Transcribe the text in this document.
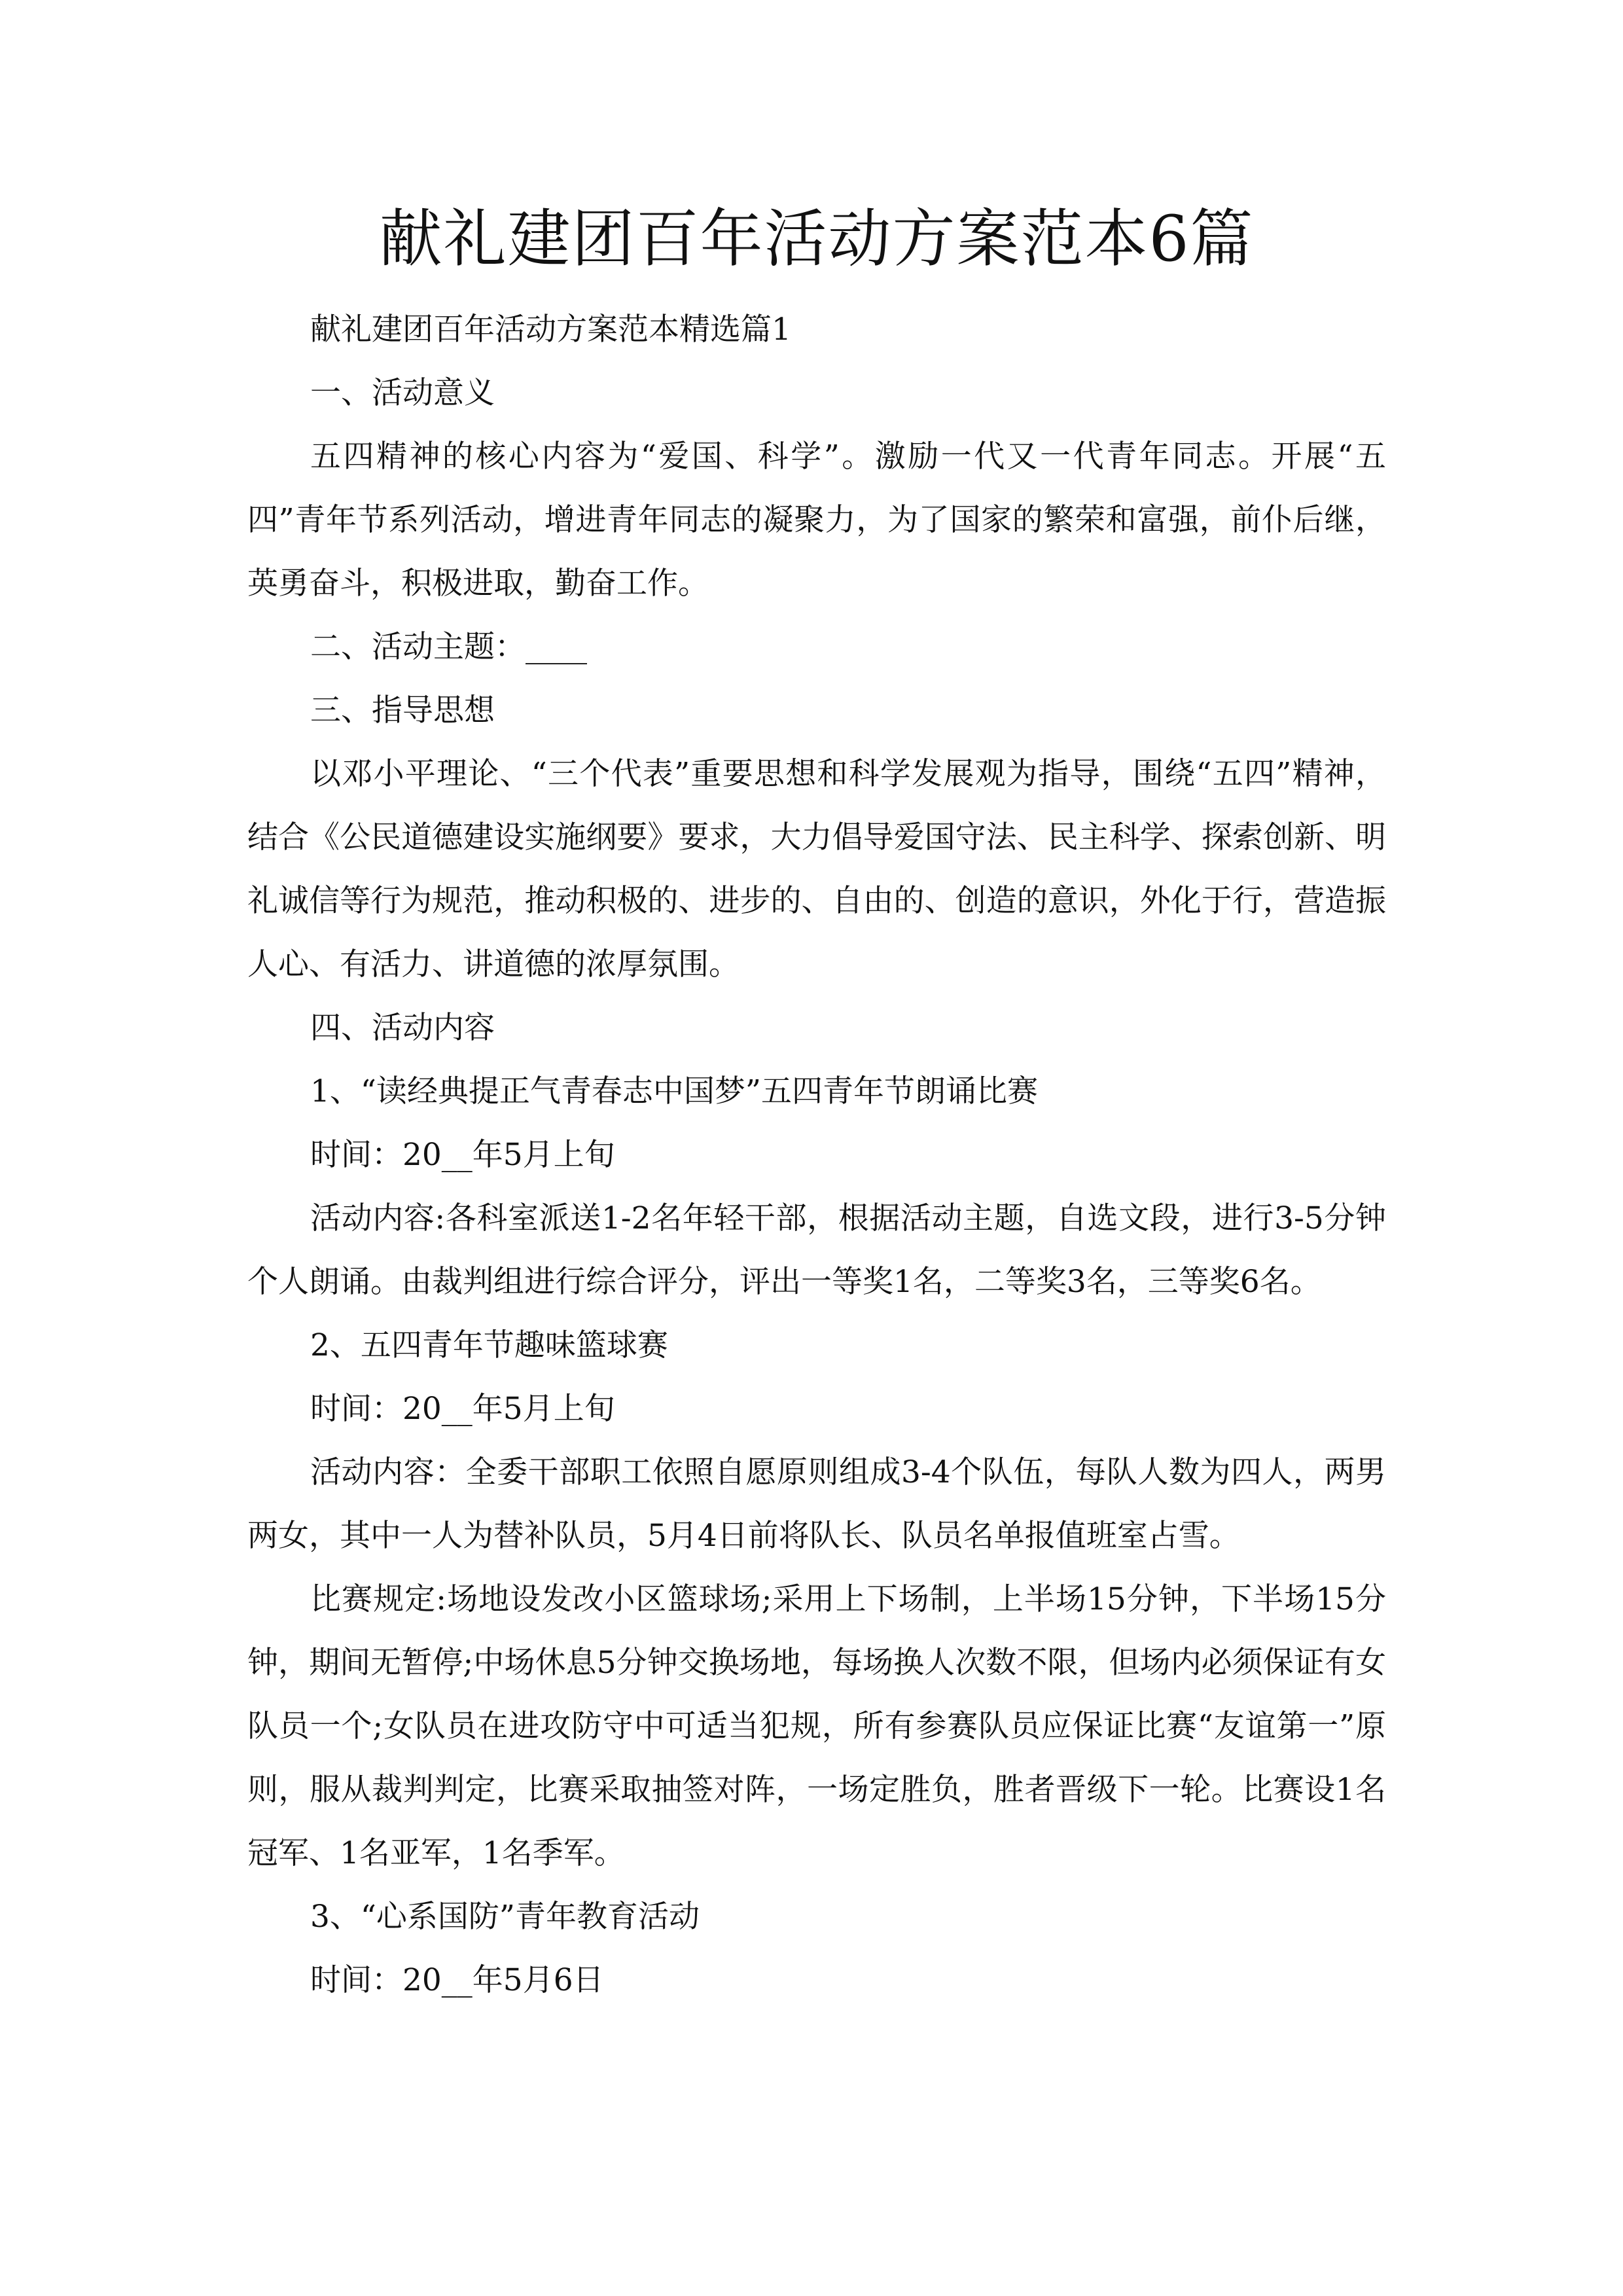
献礼建团百年活动方案范本6篇

献礼建团百年活动方案范本精选篇1

一、活动意义

五四精神的核心内容为“爱国、科学”。激励一代又一代青年同志。开展“五四”青年节系列活动，增进青年同志的凝聚力，为了国家的繁荣和富强，前仆后继，英勇奋斗，积极进取，勤奋工作。

二、活动主题：____

三、指导思想

以邓小平理论、“三个代表”重要思想和科学发展观为指导，围绕“五四”精神，结合《公民道德建设实施纲要》要求，大力倡导爱国守法、民主科学、探索创新、明礼诚信等行为规范，推动积极的、进步的、自由的、创造的意识，外化于行，营造振人心、有活力、讲道德的浓厚氛围。

四、活动内容

1、“读经典提正气青春志中国梦”五四青年节朗诵比赛

时间：20__年5月上旬

活动内容:各科室派送1-2名年轻干部，根据活动主题，自选文段，进行3-5分钟个人朗诵。由裁判组进行综合评分，评出一等奖1名，二等奖3名，三等奖6名。

2、五四青年节趣味篮球赛

时间：20__年5月上旬

活动内容：全委干部职工依照自愿原则组成3-4个队伍，每队人数为四人，两男两女，其中一人为替补队员，5月4日前将队长、队员名单报值班室占雪。

比赛规定:场地设发改小区篮球场;采用上下场制，上半场15分钟，下半场15分钟，期间无暂停;中场休息5分钟交换场地，每场换人次数不限，但场内必须保证有女队员一个;女队员在进攻防守中可适当犯规，所有参赛队员应保证比赛“友谊第一”原则，服从裁判判定，比赛采取抽签对阵，一场定胜负，胜者晋级下一轮。比赛设1名冠军、1名亚军，1名季军。

3、“心系国防”青年教育活动

时间：20__年5月6日
